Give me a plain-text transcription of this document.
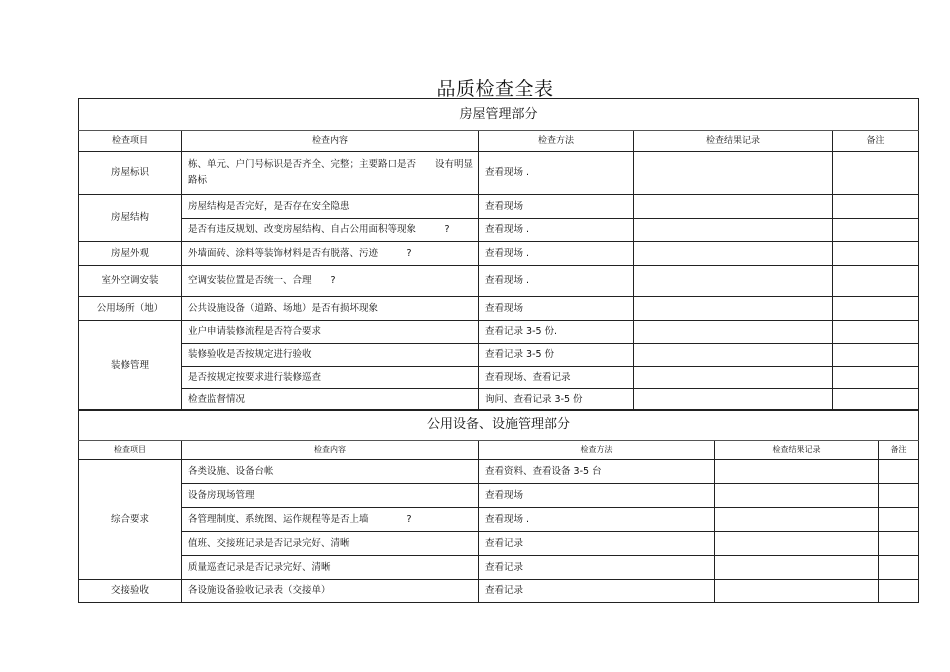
品质检查全表
房屋管理部分				
检查项目	检查内容	检查方法	检查结果记录	备注
房屋标识	栋、单元、户门号标识是否齐全、完整；主要路口是否　　设有明显路标	查看现场 .		
房屋结构	房屋结构是否完好，是否存在安全隐患	查看现场		
	是否有违反规划、改变房屋结构、自占公用面积等现象　　　?	查看现场 .		
房屋外观	外墙面砖、涂料等装饰材料是否有脱落、污迹　　　?	查看现场 .		
室外空调安装	空调安装位置是否统一、合理　　?	查看现场 .		
公用场所（地）	公共设施设备（道路、场地）是否有损坏现象	查看现场		
装修管理	业户申请装修流程是否符合要求	查看记录 3-5 份.		
	装修验收是否按规定进行验收	查看记录 3-5 份		
	是否按规定按要求进行装修巡查	查看现场、查看记录		
	检查监督情况	询问、查看记录 3-5 份		
公用设备、设施管理部分				
检查项目	检查内容	检查方法	检查结果记录	备注
综合要求	各类设施、设备台帐	查看资料、查看设备 3-5 台		
	设备房现场管理	查看现场		
	各管理制度、系统图、运作规程等是否上墙　　　　?	查看现场 .		
	值班、交接班记录是否记录完好、清晰	查看记录		
	质量巡查记录是否记录完好、清晰	查看记录		
交接验收	各设施设备验收记录表（交接单）	查看记录		
